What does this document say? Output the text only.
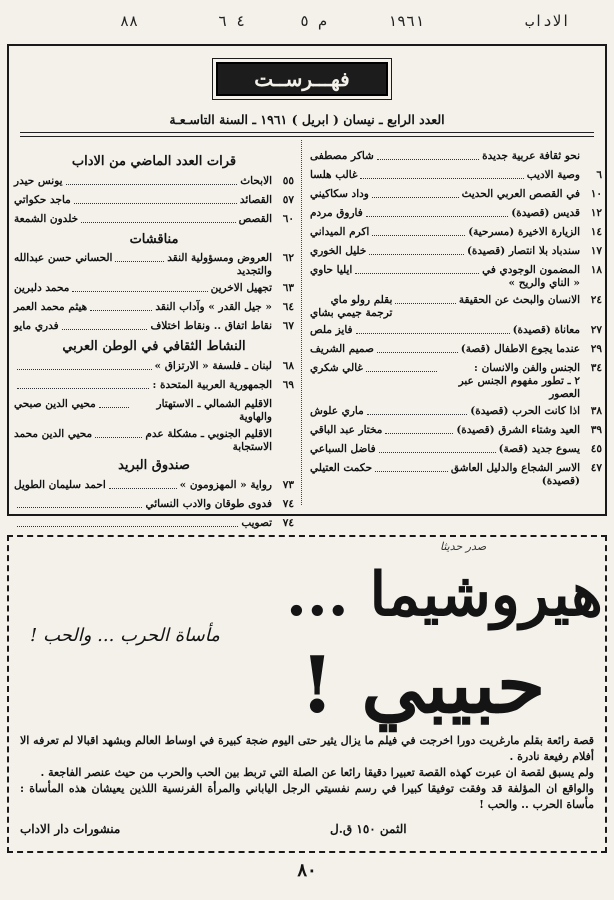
الاداب
١٩٦١
م ٥
٤ ٦
٨٨
فهـــرســت
العدد الرابع ـ نيسان ( ابريل ) ١٩٦١ ـ السنة التاسـعـة
نحو ثقافة عربية جديدة
شاكر مصطفى
٦
وصية الاديب
غالب هلسا
١٠
في القصص العربي الحديث
وداد سكاكيني
١٢
قديس (قصيدة)
فاروق مردم
١٤
الزيارة الاخيرة (مسرحية)
اكرم الميداني
١٧
سندباد بلا انتصار (قصيدة)
خليل الخوري
١٨
المضمون الوجودي في
« الناي والريح »
ايليا حاوي
٢٤
الانسان والبحث عن الحقيقة
بقلم رولو ماي
ترجمة جيمي بشاي
٢٧
معاناة (قصيدة)
فايز ملص
٢٩
عندما يجوع الاطفال (قصة)
صميم الشريف
٣٤
الجنس والفن والانسان :
٢ ـ تطور مفهوم الجنس عبر العصور
غالي شكري
٣٨
اذا كانت الحرب (قصيدة)
ماري علوش
٣٩
العيد وشتاء الشرق (قصيدة)
مختار عبد الباقي
٤٥
يسوع جديد (قصة)
فاضل السباعي
٤٧
الاسر الشجاع والدليل العاشق
(قصيدة)
حكمت العتيلي
قرات العدد الماضي من الاداب
٥٥
الابحاث
يونس حيدر
٥٧
القصائد
ماجد حكواتي
٦٠
القصص
خلدون الشمعة
مناقشات
٦٢
العروض ومسؤولية النقد
والتجديد
الحساني حسن عبدالله
٦٣
تجهيل الاخرين
محمد دلبرين
٦٤
« جيل القدر » وآداب النقد
هيثم محمد العمر
٦٧
نقاط اتفاق .. ونقاط اختلاف
فدري مايو
النشاط الثقافي في الوطن العربي
٦٨
لبنان ـ فلسفة « الارتزاق »
٦٩
الجمهورية العربية المتحدة :
الاقليم الشمالي ـ الاستهتار والهاوية
محيي الدين صبحي
الاقليم الجنوبي ـ مشكلة عدم
الاستجابة
محيي الدين محمد
صندوق البريد
٧٣
رواية « المهزومون »
احمد سليمان الطويل
٧٤
فدوى طوقان والادب النسائي
٧٤
تصويب
صدر حديثا
هيروشيما ...
مأساة الحرب ... والحب !
حبيبي !

قصة رائعة بقلم مارغريت دورا اخرجت في فيلم ما يزال يثير حتى اليوم ضجة كبيرة في اوساط العالم وبشهد اقبالا لم تعرفه الا أفلام رفيعة نادرة .

ولم يسبق لقصة ان عبرت كهذه القصة تعبيرا دقيقا رائعا عن الصلة التي تربط بين الحب والحرب من حيث عنصر الفاجعة .

والواقع ان المؤلفة قد وفقت توفيقا كبيرا في رسم نفسيتي الرجل الياباني والمرأة الفرنسية اللذين يعيشان هذه المأساة : مأساة الحرب .. والحب !

الثمن ١٥٠ ق.ل
منشورات دار الاداب
٨٠
